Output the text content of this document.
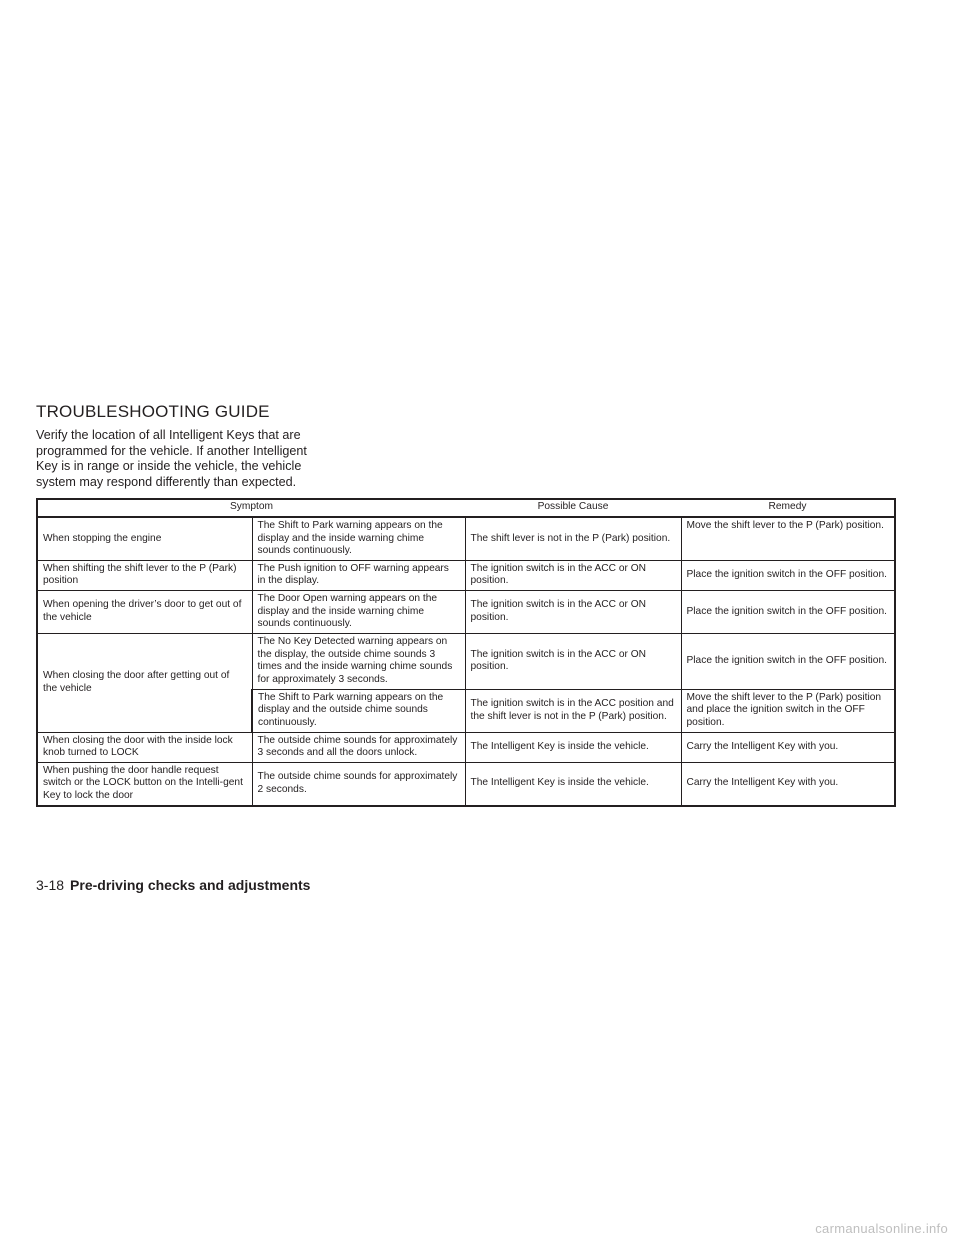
TROUBLESHOOTING GUIDE

Verify the location of all Intelligent Keys that are programmed for the vehicle. If another Intelligent Key is in range or inside the vehicle, the vehicle system may respond differently than expected.

Symptom		Possible Cause	Remedy
When stopping the engine	The Shift to Park warning appears on the display and the inside warning chime sounds continuously.	The shift lever is not in the P (Park) position.	Move the shift lever to the P (Park) position.
When shifting the shift lever to the P (Park) position	The Push ignition to OFF warning appears in the display.	The ignition switch is in the ACC or ON position.	Place the ignition switch in the OFF position.
When opening the driver’s door to get out of the vehicle	The Door Open warning appears on the display and the inside warning chime sounds continuously.	The ignition switch is in the ACC or ON position.	Place the ignition switch in the OFF position.
When closing the door after getting out of the vehicle	The No Key Detected warning appears on the display, the outside chime sounds 3 times and the inside warning chime sounds for approximately 3 seconds.	The ignition switch is in the ACC or ON position.	Place the ignition switch in the OFF position.
	The Shift to Park warning appears on the display and the outside chime sounds continuously.	The ignition switch is in the ACC position and the shift lever is not in the P (Park) position.	Move the shift lever to the P (Park) position and place the ignition switch in the OFF position.
When closing the door with the inside lock knob turned to LOCK	The outside chime sounds for approximately 3 seconds and all the doors unlock.	The Intelligent Key is inside the vehicle.	Carry the Intelligent Key with you.
When pushing the door handle request switch or the LOCK button on the Intelli-gent Key to lock the door	The outside chime sounds for approximately 2 seconds.	The Intelligent Key is inside the vehicle.	Carry the Intelligent Key with you.
3-18 Pre-driving checks and adjustments
carmanualsonline.info
